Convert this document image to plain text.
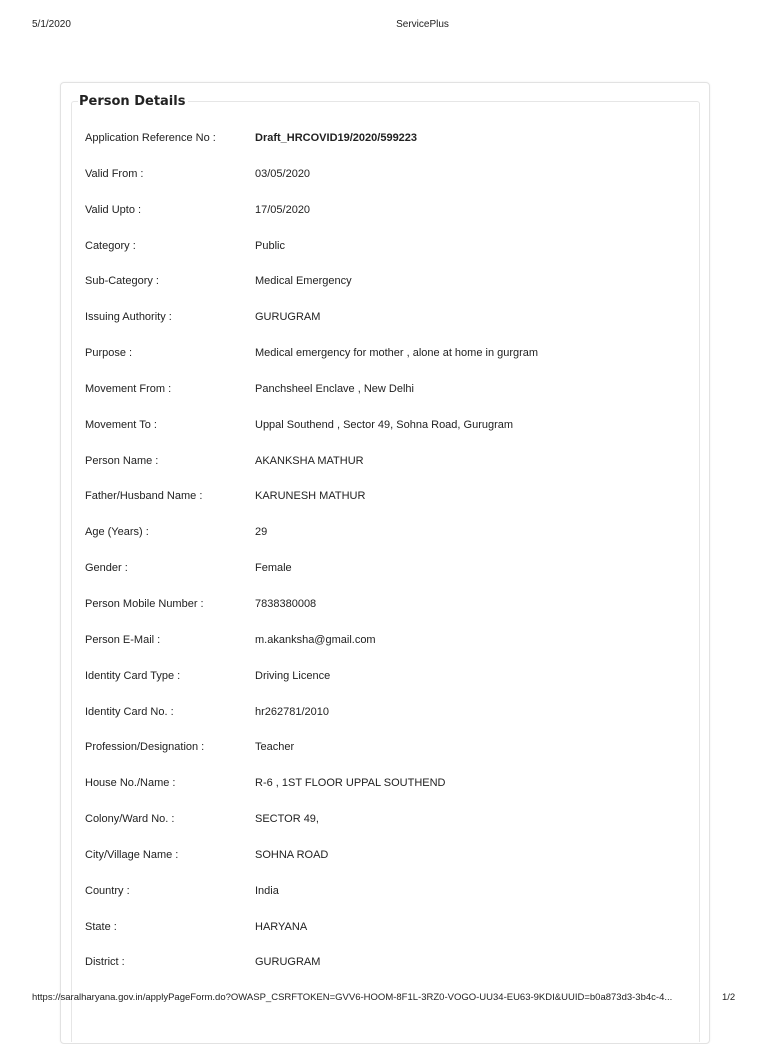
5/1/2020	ServicePlus
Person Details
Application Reference No :	Draft_HRCOVID19/2020/599223
Valid From :	03/05/2020
Valid Upto :	17/05/2020
Category :	Public
Sub-Category :	Medical Emergency
Issuing Authority :	GURUGRAM
Purpose :	Medical emergency for mother , alone at home in gurgram
Movement From :	Panchsheel Enclave , New Delhi
Movement To :	Uppal Southend , Sector 49, Sohna Road, Gurugram
Person Name :	AKANKSHA MATHUR
Father/Husband Name :	KARUNESH MATHUR
Age (Years) :	29
Gender :	Female
Person Mobile Number :	7838380008
Person E-Mail :	m.akanksha@gmail.com
Identity Card Type :	Driving Licence
Identity Card No. :	hr262781/2010
Profession/Designation :	Teacher
House No./Name :	R-6 , 1ST FLOOR UPPAL SOUTHEND
Colony/Ward No. :	SECTOR 49,
City/Village Name :	SOHNA ROAD
Country :	India
State :	HARYANA
District :	GURUGRAM
https://saralharyana.gov.in/applyPageForm.do?OWASP_CSRFTOKEN=GVV6-HOOM-8F1L-3RZ0-VOGO-UU34-EU63-9KDI&UUID=b0a873d3-3b4c-4...	1/2
